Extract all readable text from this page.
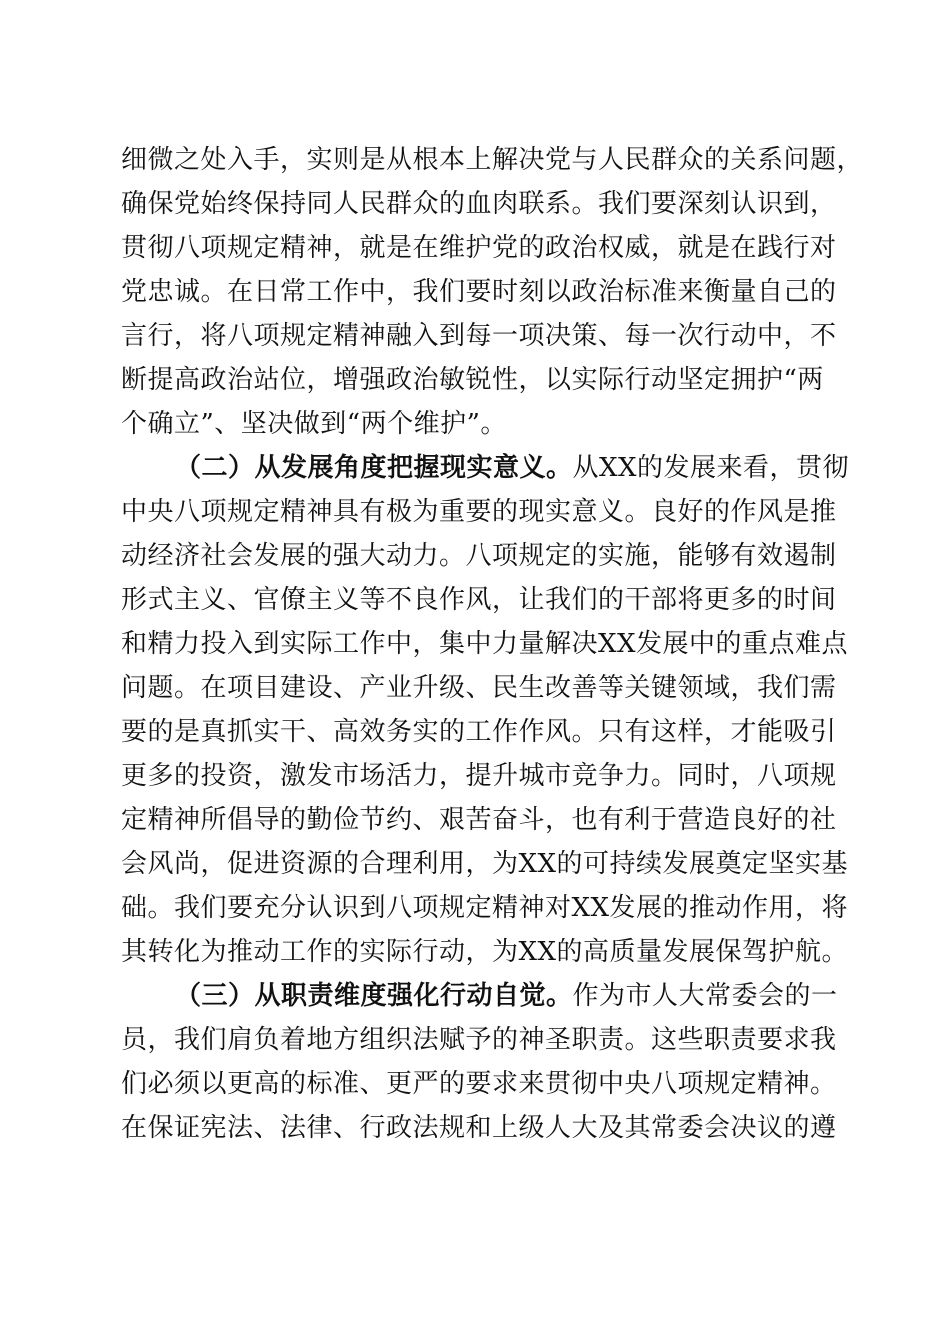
细微之处入手，实则是从根本上解决党与人民群众的关系问题，
确保党始终保持同人民群众的血肉联系。我们要深刻认识到，
贯彻八项规定精神，就是在维护党的政治权威，就是在践行对
党忠诚。在日常工作中，我们要时刻以政治标准来衡量自己的
言行，将八项规定精神融入到每一项决策、每一次行动中，不
断提高政治站位，增强政治敏锐性，以实际行动坚定拥护“两
个确立”、坚决做到“两个维护”。
（二）从发展角度把握现实意义。从XX的发展来看，贯彻
中央八项规定精神具有极为重要的现实意义。良好的作风是推
动经济社会发展的强大动力。八项规定的实施，能够有效遏制
形式主义、官僚主义等不良作风，让我们的干部将更多的时间
和精力投入到实际工作中，集中力量解决XX发展中的重点难点
问题。在项目建设、产业升级、民生改善等关键领域，我们需
要的是真抓实干、高效务实的工作作风。只有这样，才能吸引
更多的投资，激发市场活力，提升城市竞争力。同时，八项规
定精神所倡导的勤俭节约、艰苦奋斗，也有利于营造良好的社
会风尚，促进资源的合理利用，为XX的可持续发展奠定坚实基
础。我们要充分认识到八项规定精神对XX发展的推动作用，将
其转化为推动工作的实际行动，为XX的高质量发展保驾护航。
（三）从职责维度强化行动自觉。作为市人大常委会的一
员，我们肩负着地方组织法赋予的神圣职责。这些职责要求我
们必须以更高的标准、更严的要求来贯彻中央八项规定精神。
在保证宪法、法律、行政法规和上级人大及其常委会决议的遵
